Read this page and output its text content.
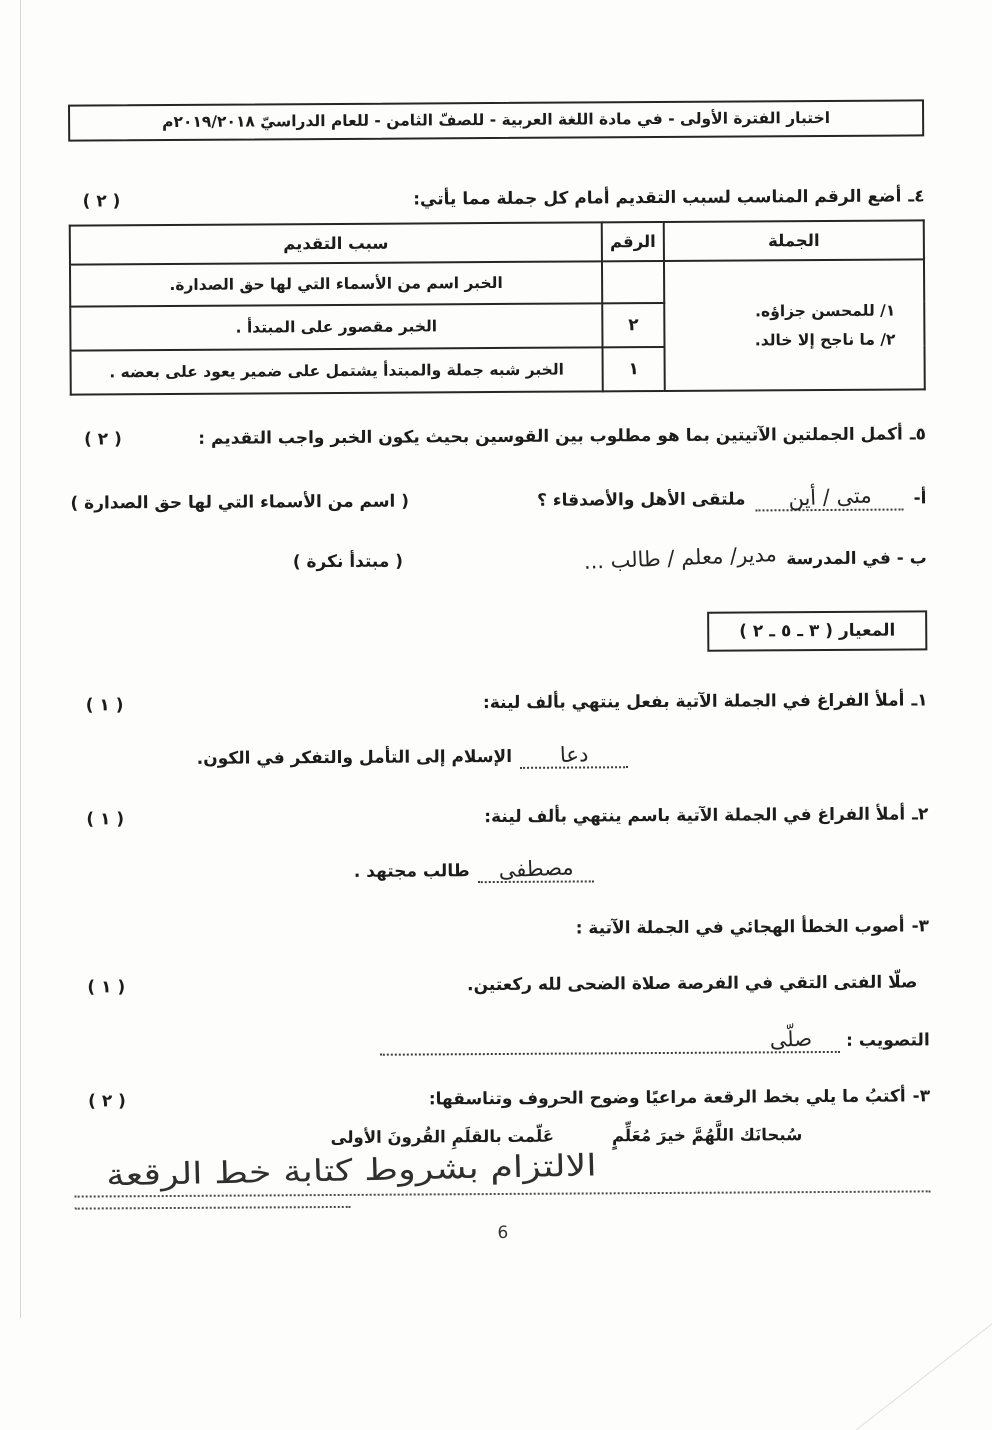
اختبار الفترة الأولى - في مادة اللغة العربية - للصفّ الثامن - للعام الدراسيّ ٢٠١٩/٢٠١٨م
٤ـ
أضع الرقم المناسب لسبب التقديم أمام كل جملة مما يأتي:
( ٢ )
الجملة	الرقم	سبب التقديم

١/ للمحسن جزاؤه.
٢/ ما ناجح إلا خالد.		الخبر اسم من الأسماء التي لها حق الصدارة.
	٢	الخبر مقصور على المبتدأ .
	١	الخبر شبه جملة والمبتدأ يشتمل على ضمير يعود على بعضه .
٥ـ
أكمل الجملتين الآتيتين بما هو مطلوب بين القوسين بحيث يكون الخبر واجب التقديم :
( ٢ )
أ-
متى / أين
ملتقى الأهل والأصدقاء ؟
( اسم من الأسماء التي لها حق الصدارة )
ب - في المدرسة
مدير/ معلم / طالب ...
( مبتدأ نكرة )
المعيار ( ٣ ـ ٥ ـ ٢ )
١ـ
أملأ الفراغ في الجملة الآتية بفعل ينتهي بألف لينة:
( ١ )
دعا
الإسلام إلى التأمل والتفكر في الكون.
٢ـ
أملأ الفراغ في الجملة الآتية باسم ينتهي بألف لينة:
( ١ )
مصطفى
طالب مجتهد .
٣-
أصوب الخطأ الهجائي في الجملة الآتية :
صلّا الفتى التقي في الفرصة صلاة الضحى لله ركعتين.
( ١ )
التصويب :
صلّى
٣-
أكتبُ ما يلي بخط الرقعة مراعيًا وضوح الحروف وتناسقها:
( ٢ )
سُبحانَك اللَّهُمَّ خيرَ مُعَلِّمٍ
عَلّمت بالقلَمِ القُرونَ الأولى
الالتزام بشروط كتابة خط الرقعة
6
